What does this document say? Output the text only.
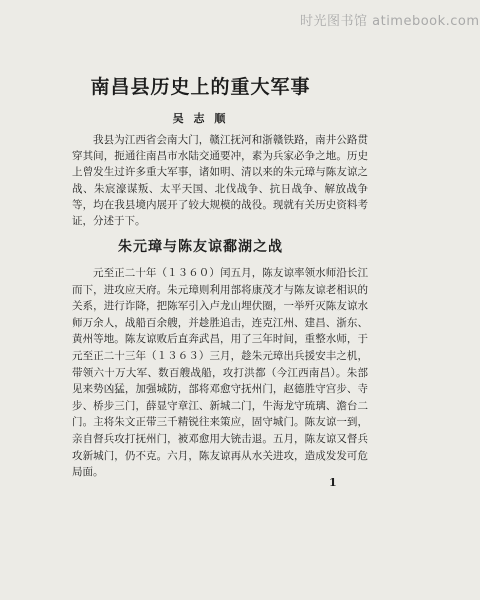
时光图书馆 atimebook.com
南昌县历史上的重大军事
吴 志 顺

我县为江西省会南大门，赣江抚河和浙赣铁路，南井公路贯穿其间，扼通往南昌市水陆交通要冲，素为兵家必争之地。历史上曾发生过许多重大军事，诸如明、清以来的朱元璋与陈友谅之战、朱宸濠谋叛、太平天国、北伐战争、抗日战争、解放战争等，均在我县境内展开了较大规模的战役。现就有关历史资料考证，分述于下。

朱元璋与陈友谅鄱湖之战

元至正二十年（１３６０）闰五月，陈友谅率领水师沿长江而下，进攻应天府。朱元璋则利用部将康茂才与陈友谅老相识的关系，进行诈降，把陈军引入卢龙山埋伏圈，一举歼灭陈友谅水师万余人，战船百余艘，并趁胜追击，连克江州、建昌、浙东、黄州等地。陈友谅败后直奔武昌，用了三年时间，重整水师，于元至正二十三年（１３６３）三月，趁朱元璋出兵援安丰之机，带领六十万大军、数百艘战船，攻打洪都（今江西南昌）。朱部见来势凶猛，加强城防，部将邓愈守抚州门，赵德胜守宫步、寺步、桥步三门，薛显守章江、新城二门，牛海龙守琉璃、澹台二门。主将朱文正带三千精锐往来策应，固守城门。陈友谅一到，亲自督兵攻打抚州门，被邓愈用大铳击退。五月，陈友谅又督兵攻新城门，仍不克。六月，陈友谅再从水关进攻，造成发发可危局面。

1
